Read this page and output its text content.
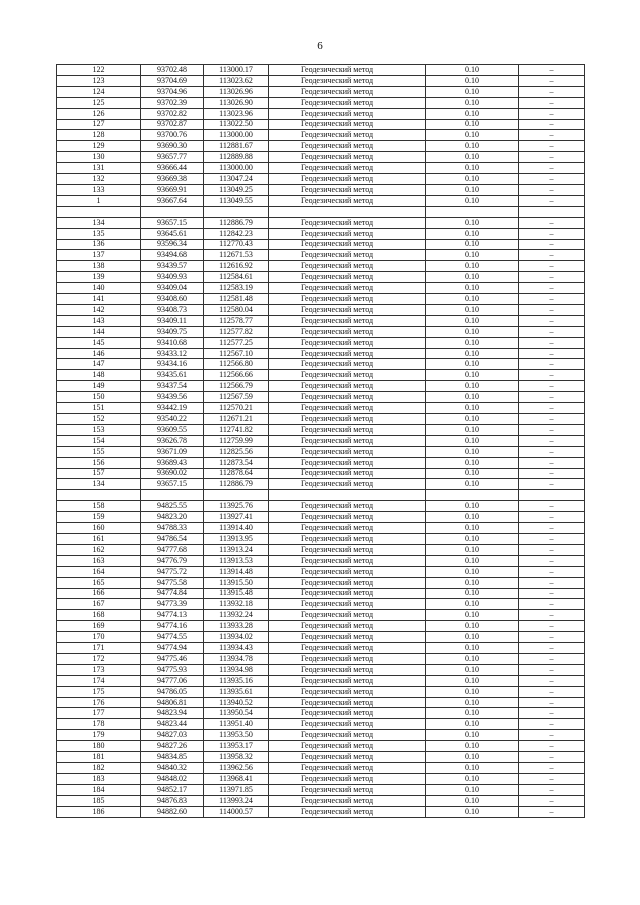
6
122	93702.48	113000.17	Геодезический метод	0.10	–
123	93704.69	113023.62	Геодезический метод	0.10	–
124	93704.96	113026.96	Геодезический метод	0.10	–
125	93702.39	113026.90	Геодезический метод	0.10	–
126	93702.82	113023.96	Геодезический метод	0.10	–
127	93702.87	113022.50	Геодезический метод	0.10	–
128	93700.76	113000.00	Геодезический метод	0.10	–
129	93690.30	112881.67	Геодезический метод	0.10	–
130	93657.77	112889.88	Геодезический метод	0.10	–
131	93666.44	113000.00	Геодезический метод	0.10	–
132	93669.38	113047.24	Геодезический метод	0.10	–
133	93669.91	113049.25	Геодезический метод	0.10	–
1	93667.64	113049.55	Геодезический метод	0.10	–

134	93657.15	112886.79	Геодезический метод	0.10	–
135	93645.61	112842.23	Геодезический метод	0.10	–
136	93596.34	112770.43	Геодезический метод	0.10	–
137	93494.68	112671.53	Геодезический метод	0.10	–
138	93439.57	112616.92	Геодезический метод	0.10	–
139	93409.93	112584.61	Геодезический метод	0.10	–
140	93409.04	112583.19	Геодезический метод	0.10	–
141	93408.60	112581.48	Геодезический метод	0.10	–
142	93408.73	112580.04	Геодезический метод	0.10	–
143	93409.11	112578.77	Геодезический метод	0.10	–
144	93409.75	112577.82	Геодезический метод	0.10	–
145	93410.68	112577.25	Геодезический метод	0.10	–
146	93433.12	112567.10	Геодезический метод	0.10	–
147	93434.16	112566.80	Геодезический метод	0.10	–
148	93435.61	112566.66	Геодезический метод	0.10	–
149	93437.54	112566.79	Геодезический метод	0.10	–
150	93439.56	112567.59	Геодезический метод	0.10	–
151	93442.19	112570.21	Геодезический метод	0.10	–
152	93540.22	112671.21	Геодезический метод	0.10	–
153	93609.55	112741.82	Геодезический метод	0.10	–
154	93626.78	112759.99	Геодезический метод	0.10	–
155	93671.09	112825.56	Геодезический метод	0.10	–
156	93689.43	112873.54	Геодезический метод	0.10	–
157	93690.02	112878.64	Геодезический метод	0.10	–
134	93657.15	112886.79	Геодезический метод	0.10	–

158	94825.55	113925.76	Геодезический метод	0.10	–
159	94823.20	113927.41	Геодезический метод	0.10	–
160	94788.33	113914.40	Геодезический метод	0.10	–
161	94786.54	113913.95	Геодезический метод	0.10	–
162	94777.68	113913.24	Геодезический метод	0.10	–
163	94776.79	113913.53	Геодезический метод	0.10	–
164	94775.72	113914.48	Геодезический метод	0.10	–
165	94775.58	113915.50	Геодезический метод	0.10	–
166	94774.84	113915.48	Геодезический метод	0.10	–
167	94773.39	113932.18	Геодезический метод	0.10	–
168	94774.13	113932.24	Геодезический метод	0.10	–
169	94774.16	113933.28	Геодезический метод	0.10	–
170	94774.55	113934.02	Геодезический метод	0.10	–
171	94774.94	113934.43	Геодезический метод	0.10	–
172	94775.46	113934.78	Геодезический метод	0.10	–
173	94775.93	113934.98	Геодезический метод	0.10	–
174	94777.06	113935.16	Геодезический метод	0.10	–
175	94786.05	113935.61	Геодезический метод	0.10	–
176	94806.81	113940.52	Геодезический метод	0.10	–
177	94823.94	113950.54	Геодезический метод	0.10	–
178	94823.44	113951.40	Геодезический метод	0.10	–
179	94827.03	113953.50	Геодезический метод	0.10	–
180	94827.26	113953.17	Геодезический метод	0.10	–
181	94834.85	113958.32	Геодезический метод	0.10	–
182	94840.32	113962.56	Геодезический метод	0.10	–
183	94848.02	113968.41	Геодезический метод	0.10	–
184	94852.17	113971.85	Геодезический метод	0.10	–
185	94876.83	113993.24	Геодезический метод	0.10	–
186	94882.60	114000.57	Геодезический метод	0.10	–
